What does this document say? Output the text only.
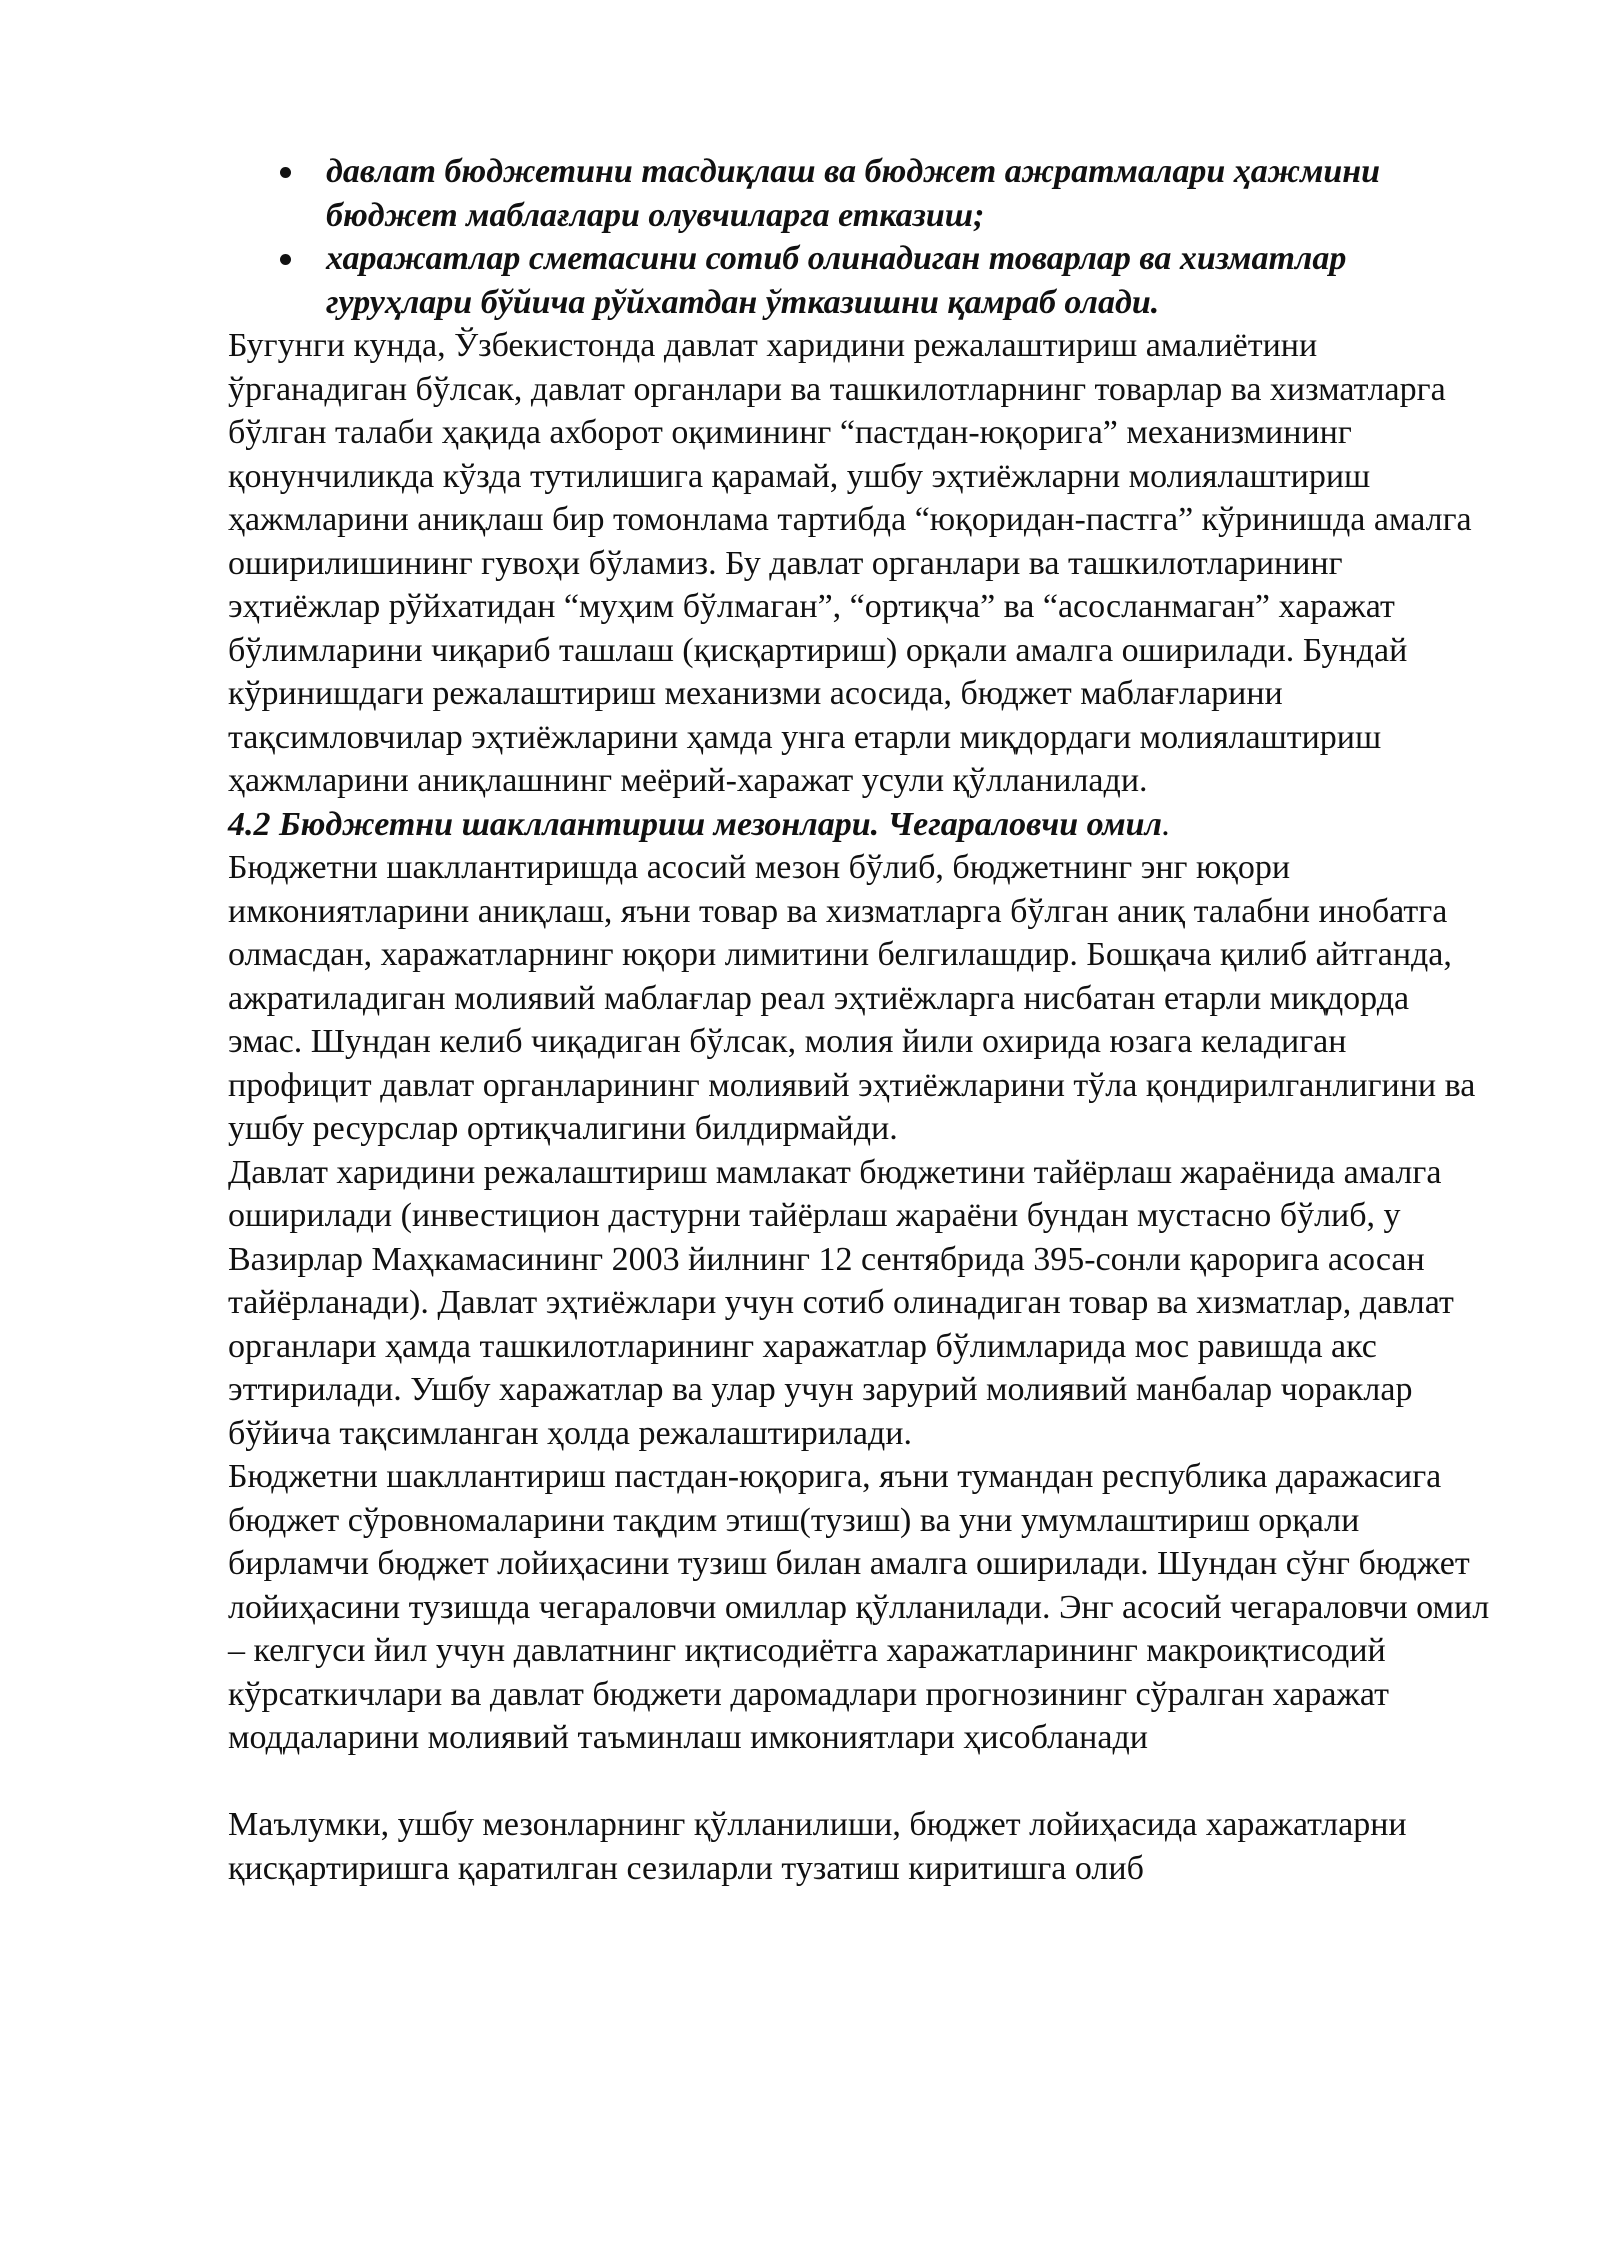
давлат бюджетини тасдиқлаш ва бюджет ажратмалари ҳажмини бюджет маблағлари олувчиларга етказиш;
харажатлар сметасини сотиб олинадиган товарлар ва хизматлар гуруҳлари бўйича рўйхатдан ўтказишни қамраб олади.

Бугунги кунда, Ўзбекистонда давлат харидини режалаштириш амалиётини ўрганадиган бўлсак, давлат органлари ва ташкилотларнинг товарлар ва хизматларга бўлган талаби ҳақида ахборот оқимининг “пастдан-юқорига” механизмининг қонунчиликда кўзда тутилишига қарамай, ушбу эҳтиёжларни молиялаштириш ҳажмларини аниқлаш бир томонлама тартибда “юқоридан-пастга” кўринишда амалга оширилишининг гувоҳи бўламиз. Бу давлат органлари ва ташкилотларининг эҳтиёжлар рўйхатидан “муҳим бўлмаган”, “ортиқча” ва “асосланмаган” харажат бўлимларини чиқариб ташлаш (қисқартириш) орқали амалга оширилади. Бундай кўринишдаги режалаштириш механизми асосида, бюджет маблағларини тақсимловчилар эҳтиёжларини ҳамда унга етарли миқдордаги молиялаштириш ҳажмларини аниқлашнинг меёрий-харажат усули қўлланилади.

4.2 Бюджетни шакллантириш мезонлари. Чегараловчи омил.

Бюджетни шакллантиришда асосий мезон бўлиб, бюджетнинг энг юқори имкониятларини аниқлаш, яъни товар ва хизматларга бўлган аниқ талабни инобатга олмасдан, харажатларнинг юқори лимитини белгилашдир. Бошқача қилиб айтганда, ажратиладиган молиявий маблағлар реал эҳтиёжларга нисбатан етарли миқдорда эмас. Шундан келиб чиқадиган бўлсак, молия йили охирида юзага келадиган профицит давлат органларининг молиявий эҳтиёжларини тўла қондирилганлигини ва ушбу ресурслар ортиқчалигини билдирмайди.

Давлат харидини режалаштириш мамлакат бюджетини тайёрлаш жараёнида амалга оширилади (инвестицион дастурни тайёрлаш жараёни бундан мустасно бўлиб, у Вазирлар Маҳкамасининг 2003 йилнинг 12 сентябрида 395-сонли қарорига асосан тайёрланади). Давлат эҳтиёжлари учун сотиб олинадиган товар ва хизматлар, давлат органлари ҳамда ташкилотларининг харажатлар бўлимларида мос равишда акс эттирилади. Ушбу харажатлар ва улар учун зарурий молиявий манбалар чораклар бўйича тақсимланган ҳолда режалаштирилади.

Бюджетни шакллантириш пастдан-юқорига, яъни тумандан республика даражасига бюджет сўровномаларини тақдим этиш(тузиш) ва уни умумлаштириш орқали бирламчи бюджет лойиҳасини тузиш билан амалга оширилади. Шундан сўнг бюджет лойиҳасини тузишда чегараловчи омиллар қўлланилади. Энг асосий чегараловчи омил – келгуси йил учун давлатнинг иқтисодиётга харажатларининг макроиқтисодий кўрсаткичлари ва давлат бюджети даромадлари прогнозининг сўралган харажат моддаларини молиявий таъминлаш имкониятлари ҳисобланади

Маълумки, ушбу мезонларнинг қўлланилиши, бюджет лойиҳасида харажатларни қисқартиришга қаратилган сезиларли тузатиш киритишга олиб
